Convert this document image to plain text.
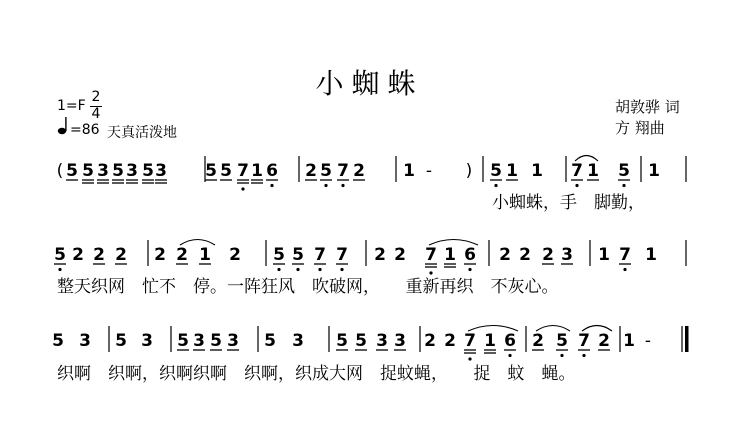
小蜘蛛
胡敦骅 词
方 翔曲
1=F
2
4
=86 天真活泼地
( 5 5 3 5 3 5 3 5 5 7 1 6 2 5 7 2 1 - ) 5 1 1 7 1 5 1
5 2 2 2 2 2 1 2 5 5 7 7 2 2 7 1 6 2 2 2 3 1 7 1
5 3 5 3 5 3 5 3 5 3 5 5 3 3 2 2 7 1 6 2 5 7 2 1 -
小蜘蛛，手　脚勤，
整天织网　忙不　停。一阵狂风　吹破网，　　重新再织　不灰心。
织啊　织啊，织啊织啊　织啊，织成大网　捉蚊蝇，　　捉　蚊　蝇。
